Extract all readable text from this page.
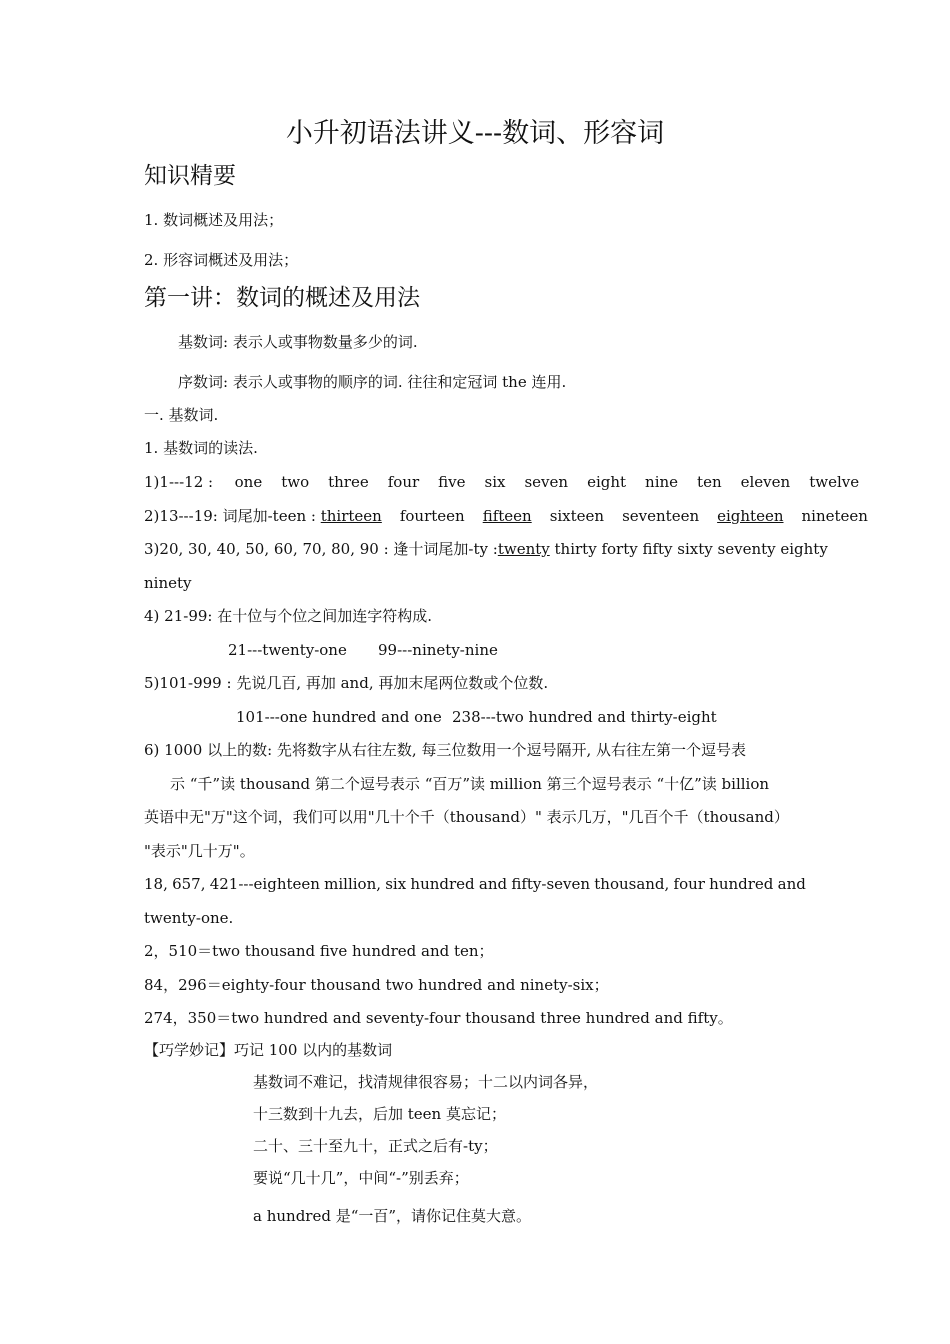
小升初语法讲义---数词、形容词
知识精要
1. 数词概述及用法；
2. 形容词概述及用法；
第一讲：数词的概述及用法
基数词: 表示人或事物数量多少的词.
序数词: 表示人或事物的顺序的词. 往往和定冠词 the 连用.
一. 基数词.
1. 基数词的读法.
1)1---12 : one two three four five six seven eight nine ten eleven twelve
2)13---19: 词尾加-teen : thirteen fourteen fifteen sixteen seventeen eighteen nineteen
3)20, 30, 40, 50, 60, 70, 80, 90 : 逢十词尾加-ty :twenty thirty forty fifty sixty seventy eighty
ninety
4) 21-99: 在十位与个位之间加连字符构成.
21---twenty-one 99---ninety-nine
5)101-999 : 先说几百, 再加 and, 再加末尾两位数或个位数.
101---one hundred and one 238---two hundred and thirty-eight
6) 1000 以上的数: 先将数字从右往左数, 每三位数用一个逗号隔开, 从右往左第一个逗号表
示 “千”读 thousand 第二个逗号表示 “百万”读 million 第三个逗号表示 “十亿”读 billion
英语中无"万"这个词，我们可以用"几十个千（thousand）" 表示几万，"几百个千（thousand）
"表示"几十万"。
18, 657, 421---eighteen million, six hundred and fifty-seven thousand, four hundred and
twenty-one.
2，510＝two thousand five hundred and ten；
84，296＝eighty-four thousand two hundred and ninety-six；
274，350＝two hundred and seventy-four thousand three hundred and fifty。
【巧学妙记】巧记 100 以内的基数词
基数词不难记，找清规律很容易；十二以内词各异，
十三数到十九去，后加 teen 莫忘记；
二十、三十至九十，正式之后有-ty；
要说“几十几”，中间“-”别丢弃；
a hundred 是“一百”，请你记住莫大意。
